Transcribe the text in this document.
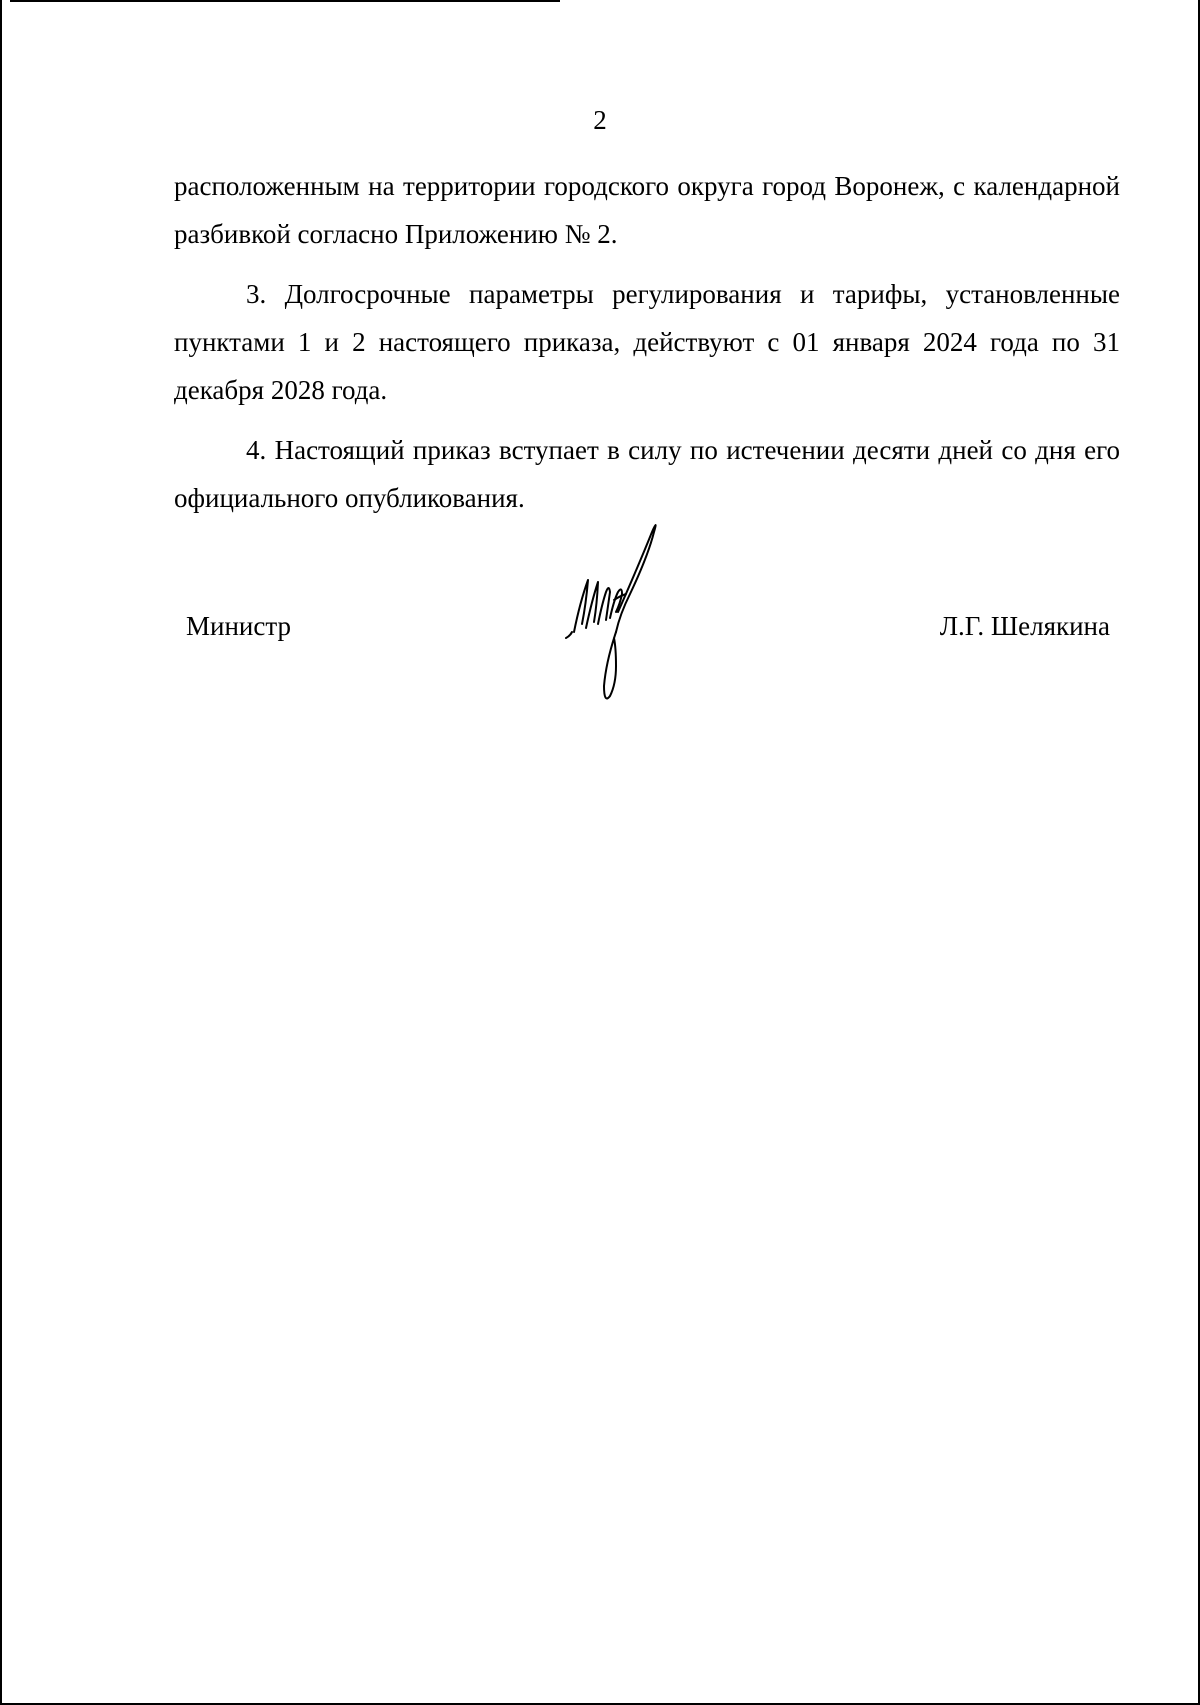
2

расположенным на территории городского округа город Воронеж, с календарной разбивкой согласно Приложению № 2.

3. Долгосрочные параметры регулирования и тарифы, установленные пунктами 1 и 2 настоящего приказа, действуют с 01 января 2024 года по 31 декабря 2028 года.

4. Настоящий приказ вступает в силу по истечении десяти дней со дня его официального опубликования.

Министр	Л.Г. Шелякина
